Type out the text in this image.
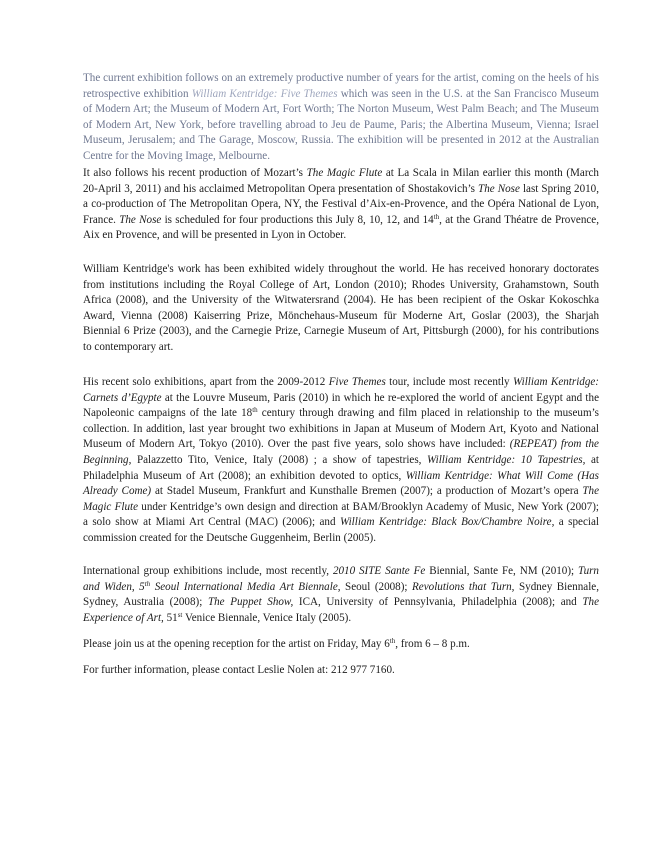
The current exhibition follows on an extremely productive number of years for the artist, coming on the heels of his retrospective exhibition William Kentridge: Five Themes which was seen in the U.S. at the San Francisco Museum of Modern Art; the Museum of Modern Art, Fort Worth; The Norton Museum, West Palm Beach; and The Museum of Modern Art, New York, before travelling abroad to Jeu de Paume, Paris; the Albertina Museum, Vienna; Israel Museum, Jerusalem; and The Garage, Moscow, Russia. The exhibition will be presented in 2012 at the Australian Centre for the Moving Image, Melbourne.

It also follows his recent production of Mozart’s The Magic Flute at La Scala in Milan earlier this month (March 20-April 3, 2011) and his acclaimed Metropolitan Opera presentation of Shostakovich’s The Nose last Spring 2010, a co-production of The Metropolitan Opera, NY, the Festival d’Aix-en-Provence, and the Opéra National de Lyon, France. The Nose is scheduled for four productions this July 8, 10, 12, and 14th, at the Grand Théatre de Provence, Aix en Provence, and will be presented in Lyon in October.

William Kentridge's work has been exhibited widely throughout the world. He has received honorary doctorates from institutions including the Royal College of Art, London (2010); Rhodes University, Grahamstown, South Africa (2008), and the University of the Witwatersrand (2004). He has been recipient of the Oskar Kokoschka Award, Vienna (2008) Kaiserring Prize, Mönchehaus-Museum für Moderne Art, Goslar (2003), the Sharjah Biennial 6 Prize (2003), and the Carnegie Prize, Carnegie Museum of Art, Pittsburgh (2000), for his contributions to contemporary art.

His recent solo exhibitions, apart from the 2009-2012 Five Themes tour, include most recently William Kentridge: Carnets d’Egypte at the Louvre Museum, Paris (2010) in which he re-explored the world of ancient Egypt and the Napoleonic campaigns of the late 18th century through drawing and film placed in relationship to the museum’s collection. In addition, last year brought two exhibitions in Japan at Museum of Modern Art, Kyoto and National Museum of Modern Art, Tokyo (2010). Over the past five years, solo shows have included: (REPEAT) from the Beginning, Palazzetto Tito, Venice, Italy (2008) ; a show of tapestries, William Kentridge: 10 Tapestries, at Philadelphia Museum of Art (2008); an exhibition devoted to optics, William Kentridge: What Will Come (Has Already Come) at Stadel Museum, Frankfurt and Kunsthalle Bremen (2007); a production of Mozart’s opera The Magic Flute under Kentridge’s own design and direction at BAM/Brooklyn Academy of Music, New York (2007); a solo show at Miami Art Central (MAC) (2006); and William Kentridge: Black Box/Chambre Noire, a special commission created for the Deutsche Guggenheim, Berlin (2005).

International group exhibitions include, most recently, 2010 SITE Sante Fe Biennial, Sante Fe, NM (2010); Turn and Widen, 5th Seoul International Media Art Biennale, Seoul (2008); Revolutions that Turn, Sydney Biennale, Sydney, Australia (2008); The Puppet Show, ICA, University of Pennsylvania, Philadelphia (2008); and The Experience of Art, 51st Venice Biennale, Venice Italy (2005).

Please join us at the opening reception for the artist on Friday, May 6th, from 6 – 8 p.m.

For further information, please contact Leslie Nolen at: 212 977 7160.
